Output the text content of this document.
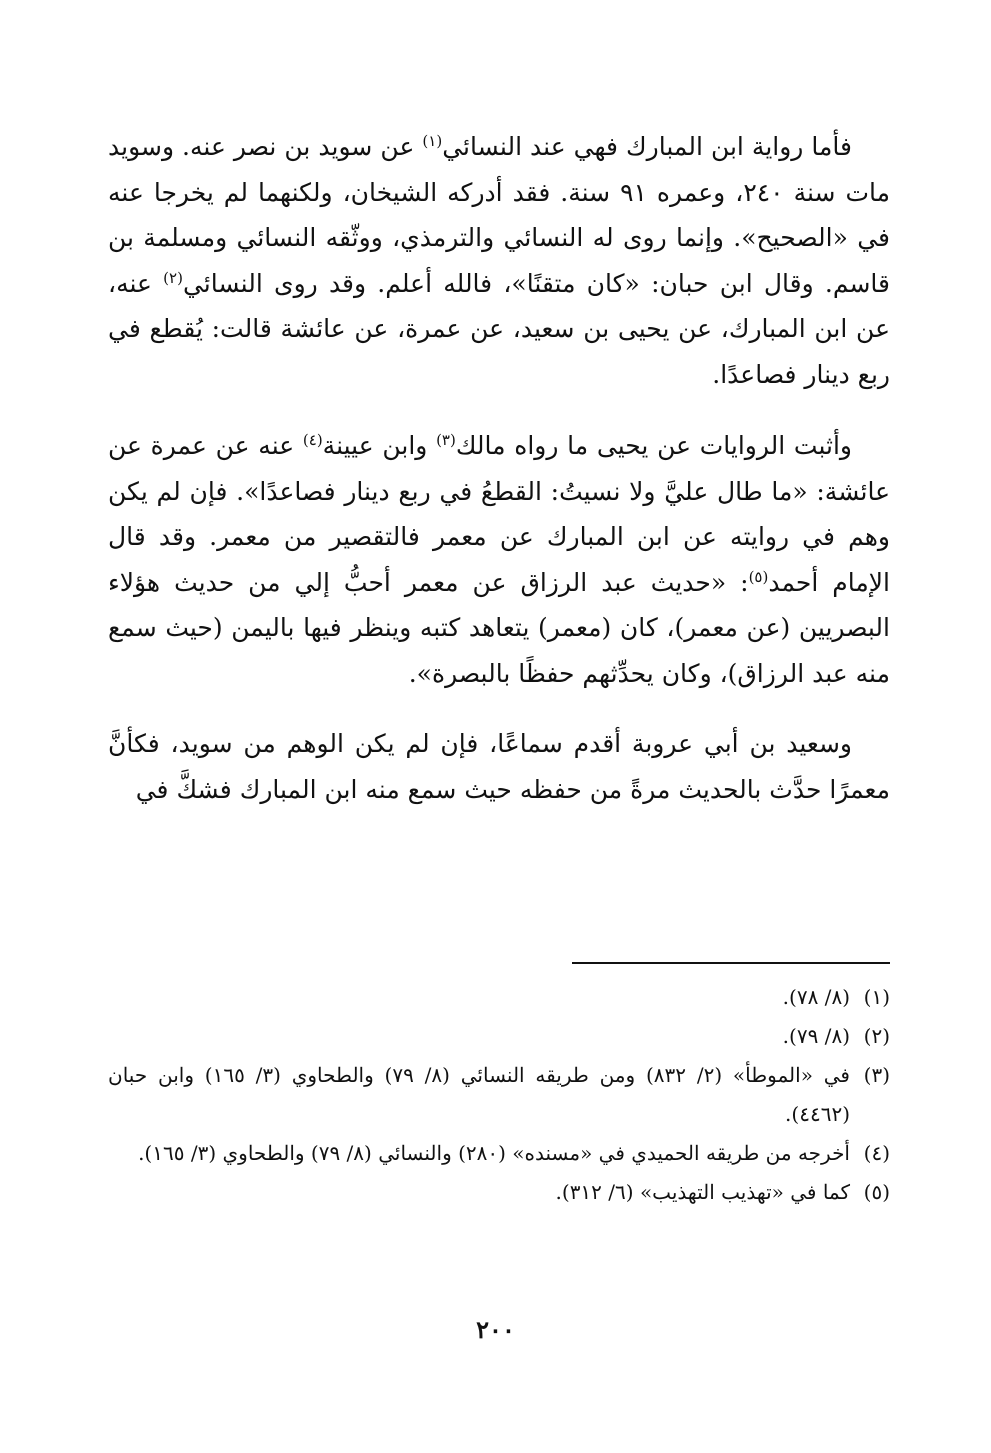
فأما رواية ابن المبارك فهي عند النسائي$^{(١)}$ عن سويد بن نصر عنه. وسويد مات سنة ٢٤٠، وعمره ٩١ سنة. فقد أدركه الشيخان، ولكنهما لم يخرجا عنه في «الصحيح». وإنما روى له النسائي والترمذي، ووثّقه النسائي ومسلمة بن قاسم. وقال ابن حبان: «كان متقنًا»، فالله أعلم. وقد روى النسائي$^{(٢)}$ عنه، عن ابن المبارك، عن يحيى بن سعيد، عن عمرة، عن عائشة قالت: يُقطع في ربع دينار فصاعدًا.

وأثبت الروايات عن يحيى ما رواه مالك$^{(٣)}$ وابن عيينة$^{(٤)}$ عنه عن عمرة عن عائشة: «ما طال عليَّ ولا نسيتُ: القطعُ في ربع دينار فصاعدًا». فإن لم يكن وهم في روايته عن ابن المبارك عن معمر فالتقصير من معمر. وقد قال الإمام أحمد$^{(٥)}$: «حديث عبد الرزاق عن معمر أحبُّ إلي من حديث هؤلاء البصريين (عن معمر)، كان (معمر) يتعاهد كتبه وينظر فيها باليمن (حيث سمع منه عبد الرزاق)، وكان يحدِّثهم حفظًا بالبصرة».

وسعيد بن أبي عروبة أقدم سماعًا، فإن لم يكن الوهم من سويد، فكأنَّ معمرًا حدَّث بالحديث مرةً من حفظه حيث سمع منه ابن المبارك فشكَّ في

(١)
(٨/ ٧٨).
(٢)
(٨/ ٧٩).
(٣)
في «الموطأ» (٢/ ٨٣٢) ومن طريقه النسائي (٨/ ٧٩) والطحاوي (٣/ ١٦٥) وابن حبان (٤٤٦٢).
(٤)
أخرجه من طريقه الحميدي في «مسنده» (٢٨٠) والنسائي (٨/ ٧٩) والطحاوي (٣/ ١٦٥).
(٥)
كما في «تهذيب التهذيب» (٦/ ٣١٢).
٢٠٠
